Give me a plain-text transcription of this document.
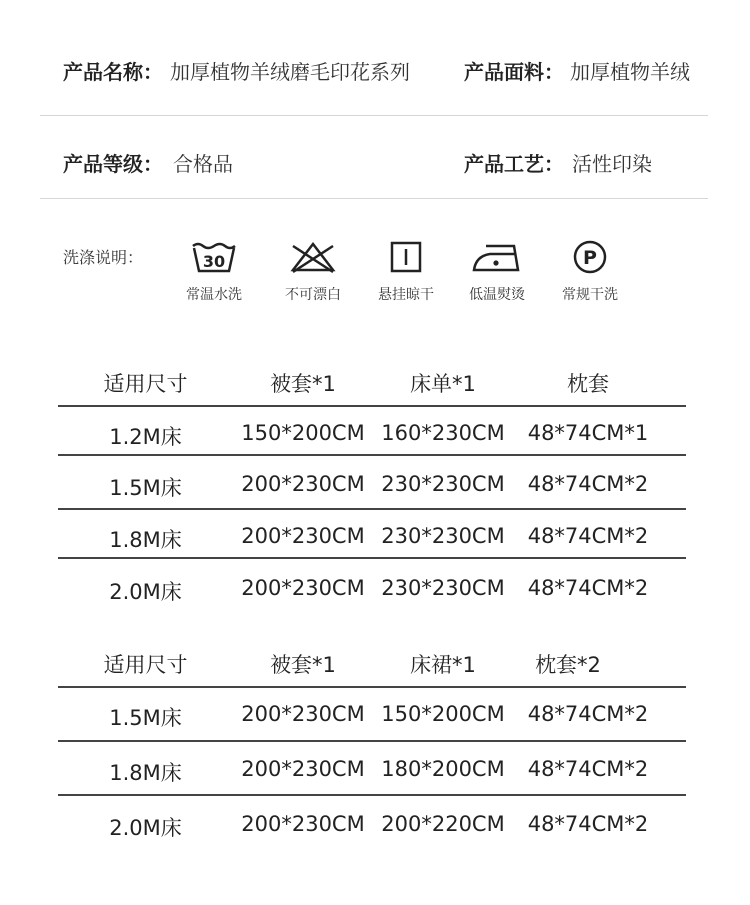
产品名称： 加厚植物羊绒磨毛印花系列	产品面料： 加厚植物羊绒
产品等级： 合格品	产品工艺： 活性印染
洗涤说明：	30
常温水洗	不可漂白	悬挂晾干	低温熨烫
P
常规干洗
适用尺寸	被套*1	床单*1	枕套
1.2M床	150*200CM 160*230CM 48*74CM*1
1.5M床	200*230CM 230*230CM 48*74CM*2
1.8M床	200*230CM 230*230CM 48*74CM*2
2.0M床	200*230CM 230*230CM 48*74CM*2
适用尺寸	被套*1	床裙*1	枕套*2
1.5M床	200*230CM 150*200CM 48*74CM*2
1.8M床	200*230CM 180*200CM 48*74CM*2
2.0M床	200*230CM 200*220CM 48*74CM*2
